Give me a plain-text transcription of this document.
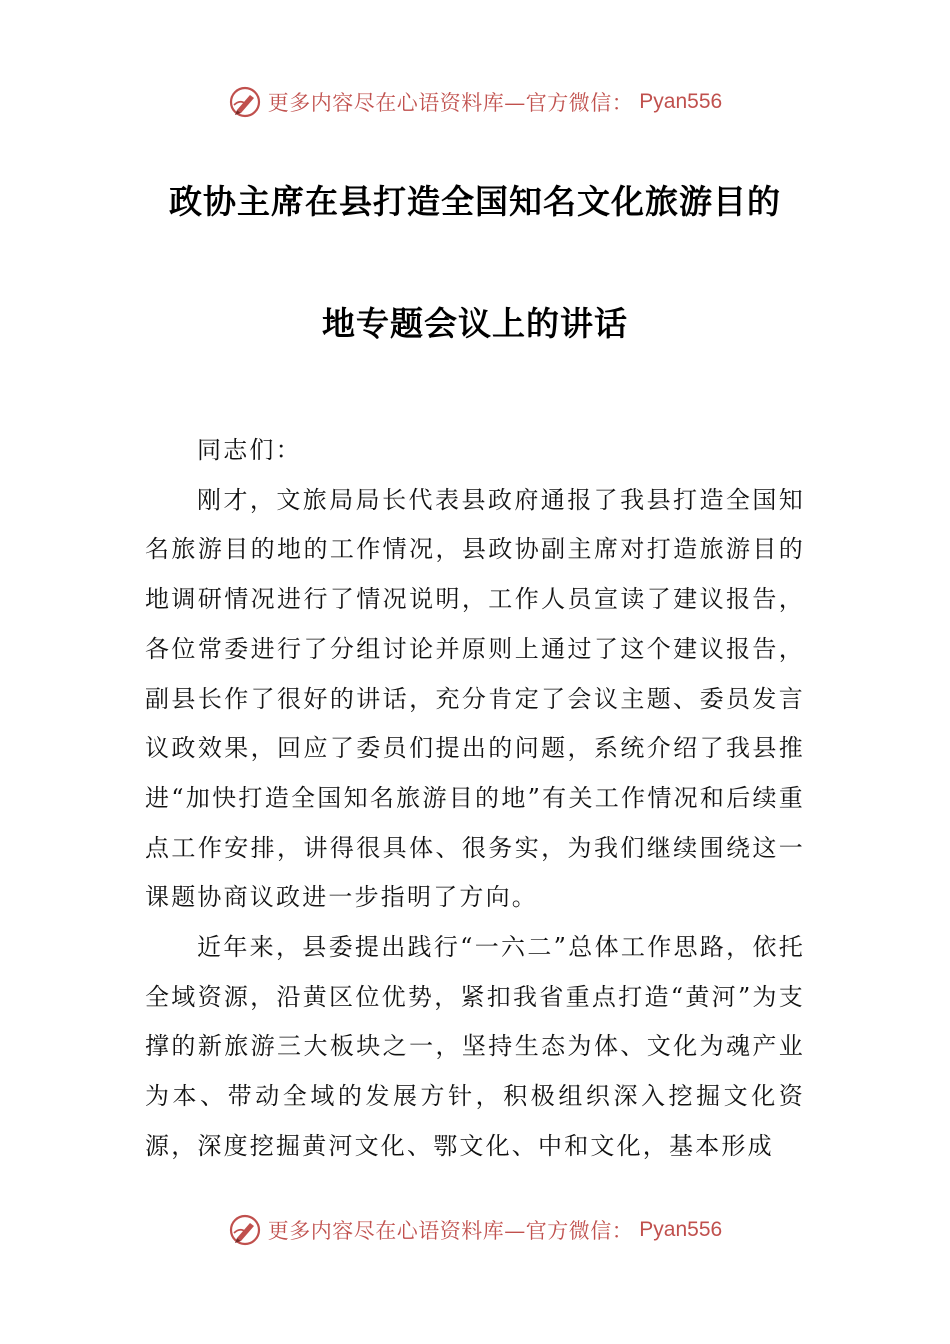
更多内容尽在心语资料库—官方微信： Pyan556
政协主席在县打造全国知名文化旅游目的
地专题会议上的讲话

同志们：

刚才，文旅局局长代表县政府通报了我县打造全国知名旅游目的地的工作情况，县政协副主席对打造旅游目的地调研情况进行了情况说明，工作人员宣读了建议报告，各位常委进行了分组讨论并原则上通过了这个建议报告，副县长作了很好的讲话，充分肯定了会议主题、委员发言议政效果，回应了委员们提出的问题，系统介绍了我县推进“加快打造全国知名旅游目的地”有关工作情况和后续重点工作安排，讲得很具体、很务实，为我们继续围绕这一课题协商议政进一步指明了方向。

近年来，县委提出践行“一六二”总体工作思路，依托全域资源，沿黄区位优势，紧扣我省重点打造“黄河”为支撑的新旅游三大板块之一，坚持生态为体、文化为魂产业为本、带动全域的发展方针，积极组织深入挖掘文化资源，深度挖掘黄河文化、鄂文化、中和文化，基本形成

更多内容尽在心语资料库—官方微信： Pyan556
